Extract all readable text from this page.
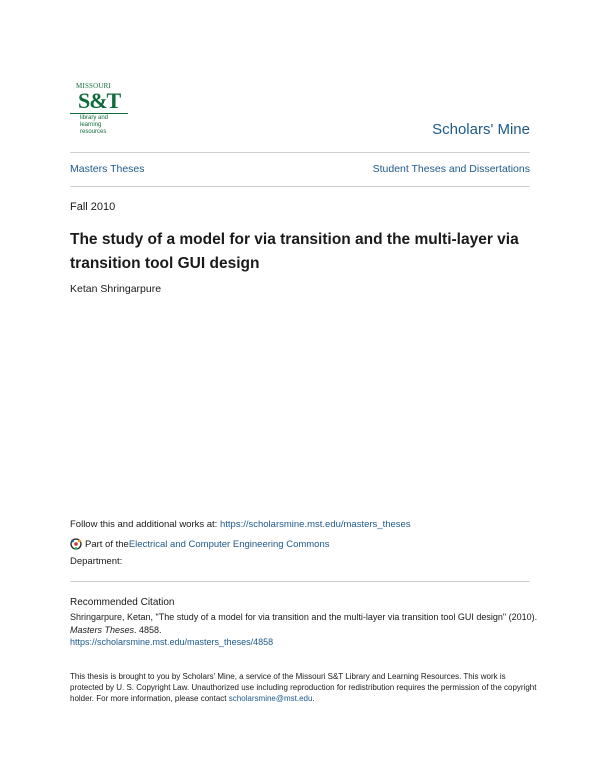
MISSOURI
S&T
library and
learning resources	Scholars' Mine
Masters Theses	Student Theses and Dissertations
Fall 2010
The study of a model for via transition and the multi-layer via transition tool GUI design
Ketan Shringarpure
Follow this and additional works at: https://scholarsmine.mst.edu/masters_theses
Part of the Electrical and Computer Engineering Commons
Department:
Recommended Citation
Shringarpure, Ketan, "The study of a model for via transition and the multi-layer via transition tool GUI design" (2010). Masters Theses. 4858.
https://scholarsmine.mst.edu/masters_theses/4858
This thesis is brought to you by Scholars' Mine, a service of the Missouri S&T Library and Learning Resources. This work is protected by U. S. Copyright Law. Unauthorized use including reproduction for redistribution requires the permission of the copyright holder. For more information, please contact scholarsmine@mst.edu.
